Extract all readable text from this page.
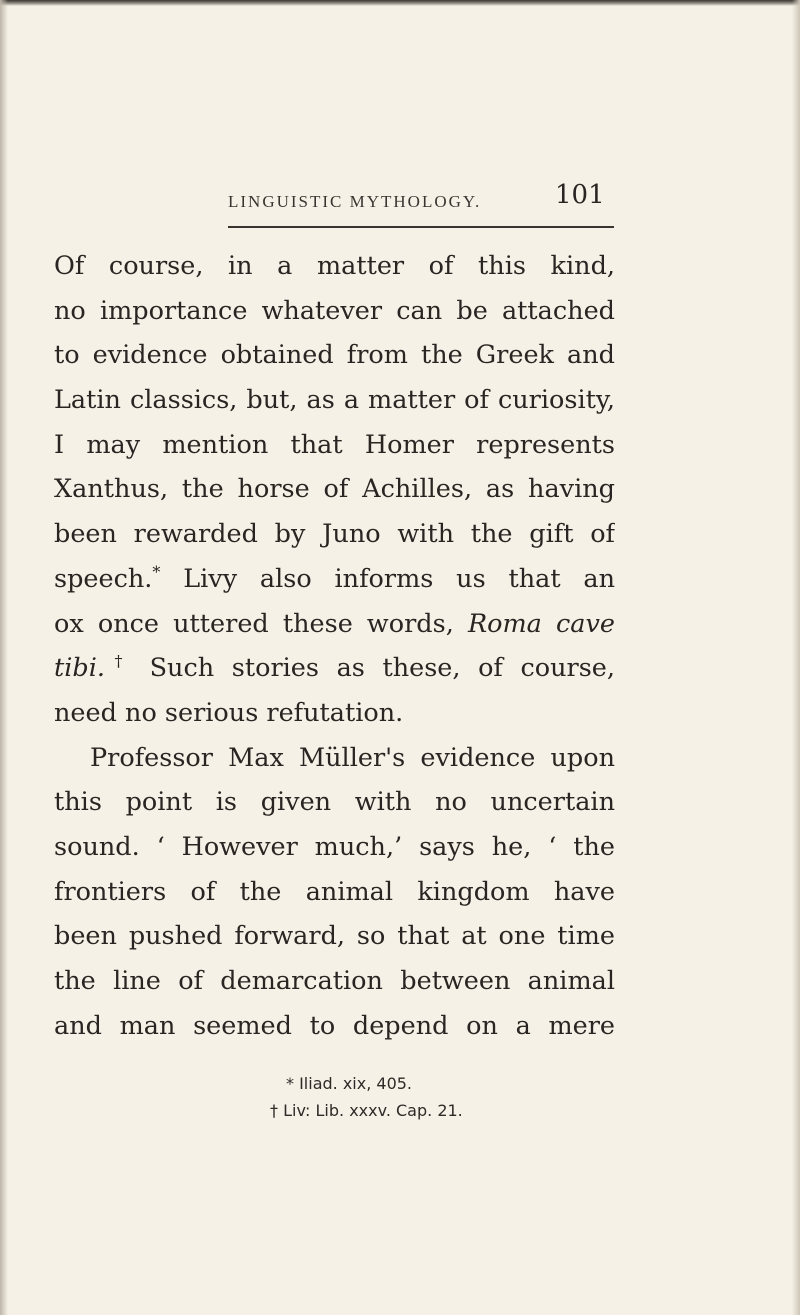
LINGUISTIC MYTHOLOGY.	101
Of course, in a matter of this kind,
no importance whatever can be attached
to evidence obtained from the Greek and
Latin classics, but, as a matter of curiosity,
I may mention that Homer represents
Xanthus, the horse of Achilles, as having
been rewarded by Juno with the gift of
speech.* Livy also informs us that an
ox once uttered these words, Roma cave
tibi.† Such stories as these, of course,
need no serious refutation.
Professor Max Müller's evidence upon
this point is given with no uncertain
sound. ‘ However much,’ says he, ‘ the
frontiers of the animal kingdom have
been pushed forward, so that at one time
the line of demarcation between animal
and man seemed to depend on a mere
* Iliad. xix, 405.
† Liv: Lib. xxxv. Cap. 21.
